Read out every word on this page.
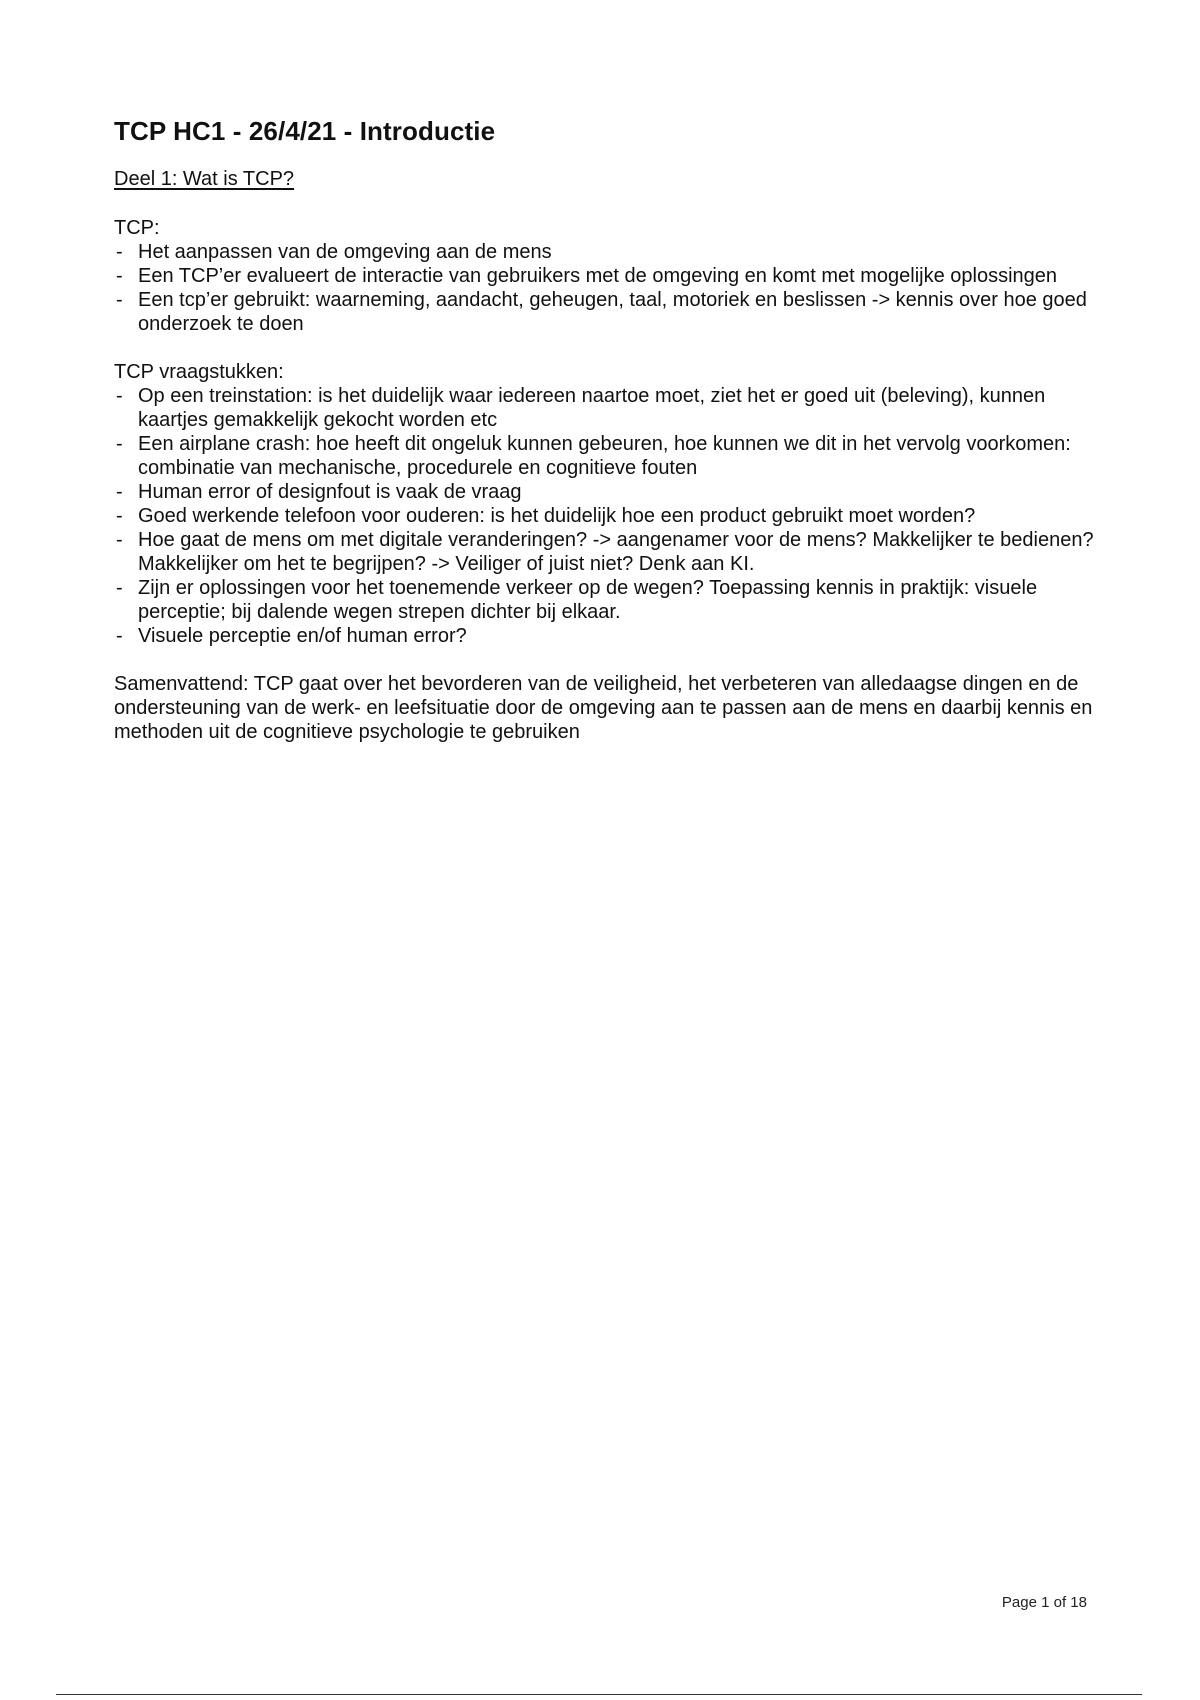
TCP HC1 - 26/4/21 - Introductie

Deel 1: Wat is TCP?

TCP:

- Het aanpassen van de omgeving aan de mens
- Een TCP’er evalueert de interactie van gebruikers met de omgeving en komt met mogelijke oplossingen
- Een tcp’er gebruikt: waarneming, aandacht, geheugen, taal, motoriek en beslissen -> kennis over hoe goed onderzoek te doen

TCP vraagstukken:

- Op een treinstation: is het duidelijk waar iedereen naartoe moet, ziet het er goed uit (beleving), kunnen kaartjes gemakkelijk gekocht worden etc
- Een airplane crash: hoe heeft dit ongeluk kunnen gebeuren, hoe kunnen we dit in het vervolg voorkomen: combinatie van mechanische, procedurele en cognitieve fouten
- Human error of designfout is vaak de vraag
- Goed werkende telefoon voor ouderen: is het duidelijk hoe een product gebruikt moet worden?
- Hoe gaat de mens om met digitale veranderingen? -> aangenamer voor de mens? Makkelijker te bedienen? Makkelijker om het te begrijpen? -> Veiliger of juist niet? Denk aan KI.
- Zijn er oplossingen voor het toenemende verkeer op de wegen? Toepassing kennis in praktijk: visuele perceptie; bij dalende wegen strepen dichter bij elkaar.
- Visuele perceptie en/of human error?

Samenvattend: TCP gaat over het bevorderen van de veiligheid, het verbeteren van alledaagse dingen en de ondersteuning van de werk- en leefsituatie door de omgeving aan te passen aan de mens en daarbij kennis en methoden uit de cognitieve psychologie te gebruiken

Page 1 of 18
